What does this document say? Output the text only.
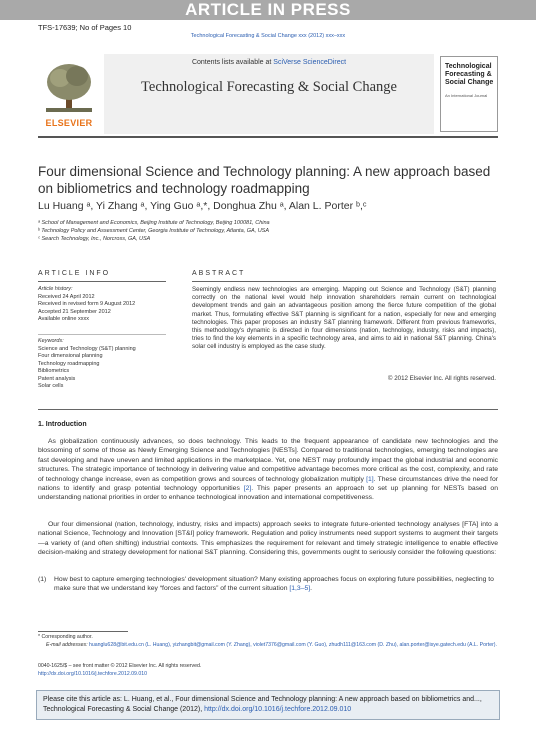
ARTICLE IN PRESS
TFS-17639; No of Pages 10
Technological Forecasting & Social Change xxx (2012) xxx–xxx
ELSEVIER
Contents lists available at SciVerse ScienceDirect
Technological Forecasting & Social Change
Technological Forecasting & Social Change
An International Journal
Four dimensional Science and Technology planning: A new approach based on bibliometrics and technology roadmapping
Lu Huang ᵃ, Yi Zhang ᵃ, Ying Guo ᵃ,*, Donghua Zhu ᵃ, Alan L. Porter ᵇ,ᶜ
ᵃ School of Management and Economics, Beijing Institute of Technology, Beijing 100081, China
ᵇ Technology Policy and Assessment Center, Georgia Institute of Technology, Atlanta, GA, USA
ᶜ Search Technology, Inc., Norcross, GA, USA
ARTICLE INFO
Article history:
Received 24 April 2012
Received in revised form 9 August 2012
Accepted 21 September 2012
Available online xxxx
Keywords:
Science and Technology (S&T) planning
Four dimensional planning
Technology roadmapping
Bibliometrics
Patent analysis
Solar cells
ABSTRACT
Seemingly endless new technologies are emerging. Mapping out Science and Technology (S&T) planning correctly on the national level would help innovation shareholders remain current on technological development trends and gain an advantageous position among the fierce future competition of the global market. Thus, formulating effective S&T planning is significant for a nation, especially for new and emerging technologies. This paper proposes an industry S&T planning framework. Different from previous frameworks, this methodology's dynamic is directed in four dimensions (nation, technology, industry, risks and impacts), tries to find the key elements in a specific technology area, and aims to aid in national S&T planning. China's solar cell industry is employed as the case study.
© 2012 Elsevier Inc. All rights reserved.
1. Introduction
As globalization continuously advances, so does technology. This leads to the frequent appearance of candidate new technologies and the blossoming of some of those as Newly Emerging Science and Technologies [NESTs]. Compared to traditional technologies, emerging technologies are fast developing and have uneven and limited applications in the marketplace. Yet, one NEST may profoundly impact the global industrial and economic structures. The strategic importance of technology in delivering value and competitive advantage becomes more critical as the cost, complexity, and rate of technology change increase, even as competition grows and sources of technology globalization multiply [1]. These circumstances drive the need for nations to identify and grasp potential technology opportunities [2]. This paper presents an approach to set up planning for NESTs based on understanding national priorities in order to enhance technological innovation and international competitiveness.
Our four dimensional (nation, technology, industry, risks and impacts) approach seeks to integrate future-oriented technology analyses [FTA] into a national Science, Technology and Innovation [ST&I] policy framework. Regulation and policy instruments need support systems to augment their targets—a variety of (and often shifting) industrial contexts. This emphasizes the requirement for relevant and timely strategic intelligence to enable effective decision-making and strategy development for national S&T planning. Considering this, governments ought to seriously consider the following questions:
(1) How best to capture emerging technologies' development situation? Many existing approaches focus on exploring future possibilities, neglecting to make sure that we understand key “forces and factors” of the current situation [1,3–5].
* Corresponding author.
E-mail addresses: huanglu628@bit.edu.cn (L. Huang), yizhangbit@gmail.com (Y. Zhang), violet7376@gmail.com (Y. Guo), zhudh111@163.com (D. Zhu), alan.porter@isye.gatech.edu (A.L. Porter).
0040-1625/$ – see front matter © 2012 Elsevier Inc. All rights reserved.
http://dx.doi.org/10.1016/j.techfore.2012.09.010
Please cite this article as: L. Huang, et al., Four dimensional Science and Technology planning: A new approach based on bibliometrics and..., Technological Forecasting & Social Change (2012), http://dx.doi.org/10.1016/j.techfore.2012.09.010
